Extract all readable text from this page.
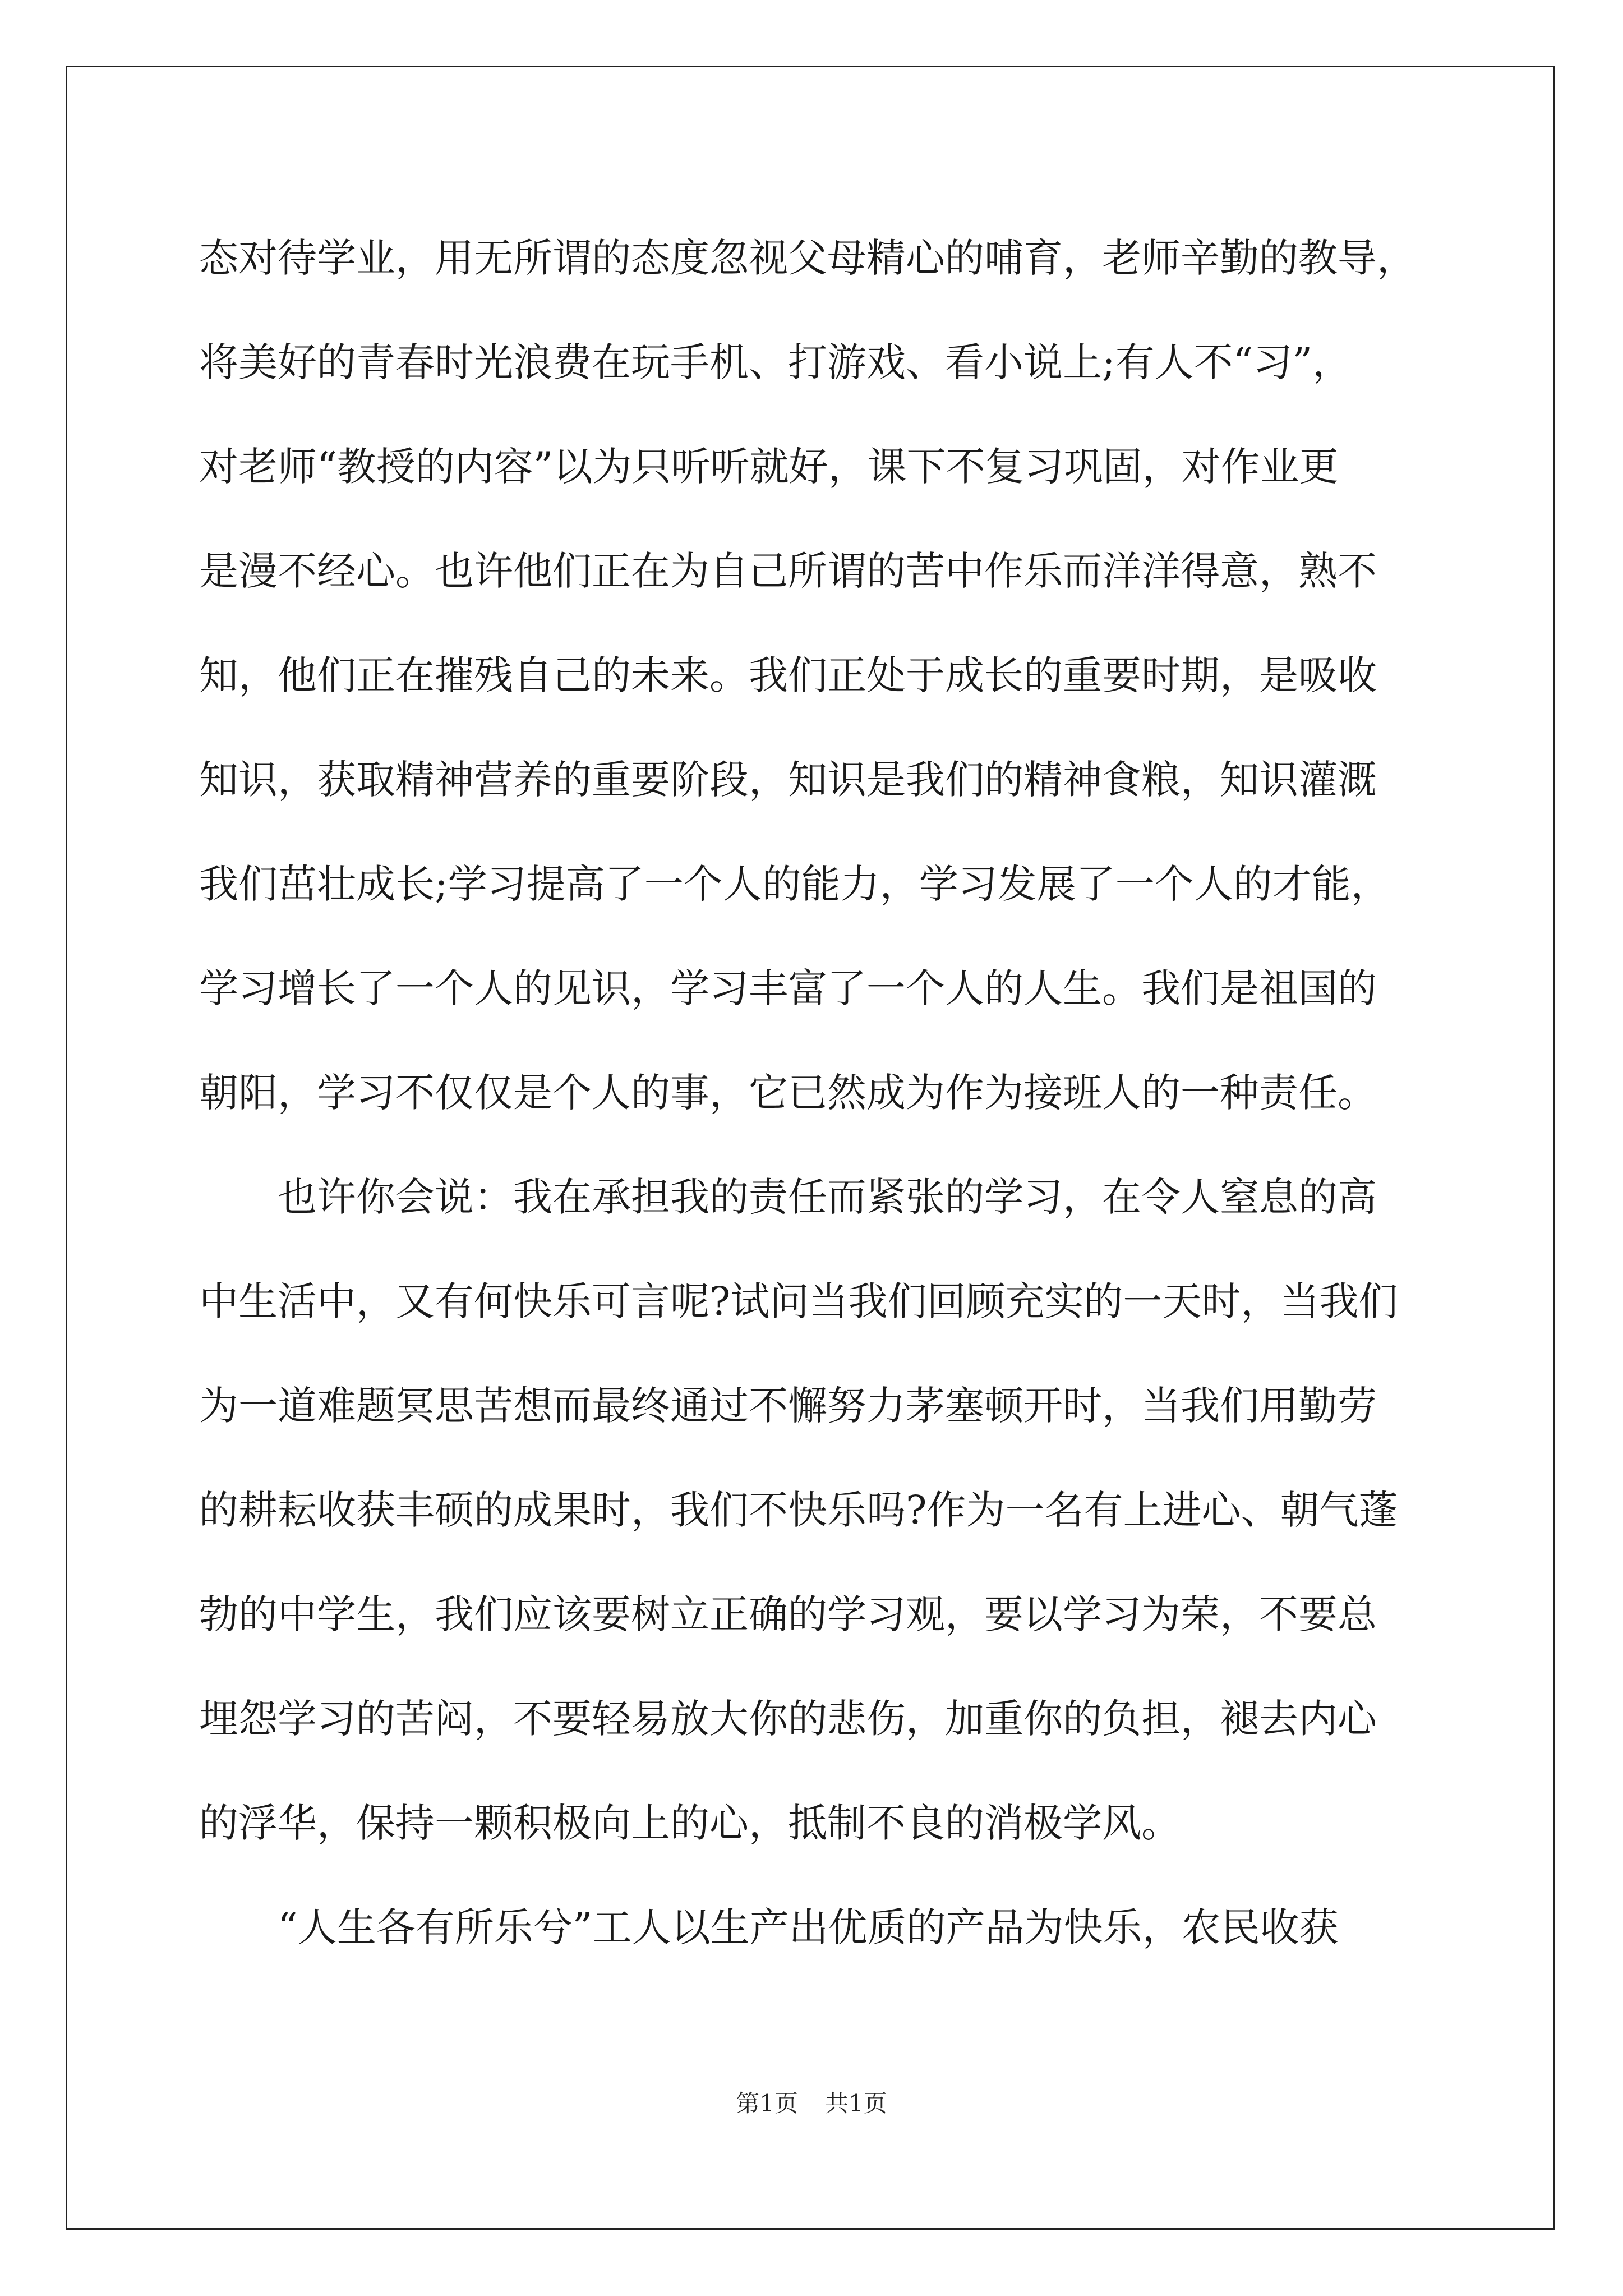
态对待学业，用无所谓的态度忽视父母精心的哺育，老师辛勤的教导，
将美好的青春时光浪费在玩手机、打游戏、看小说上;有人不“习”，
对老师“教授的内容”以为只听听就好，课下不复习巩固，对作业更
是漫不经心。也许他们正在为自己所谓的苦中作乐而洋洋得意，熟不
知，他们正在摧残自己的未来。我们正处于成长的重要时期，是吸收
知识，获取精神营养的重要阶段，知识是我们的精神食粮，知识灌溉
我们茁壮成长;学习提高了一个人的能力，学习发展了一个人的才能，
学习增长了一个人的见识，学习丰富了一个人的人生。我们是祖国的
朝阳，学习不仅仅是个人的事，它已然成为作为接班人的一种责任。
也许你会说：我在承担我的责任而紧张的学习，在令人窒息的高
中生活中，又有何快乐可言呢?试问当我们回顾充实的一天时，当我们
为一道难题冥思苦想而最终通过不懈努力茅塞顿开时，当我们用勤劳
的耕耘收获丰硕的成果时，我们不快乐吗?作为一名有上进心、朝气蓬
勃的中学生，我们应该要树立正确的学习观，要以学习为荣，不要总
埋怨学习的苦闷，不要轻易放大你的悲伤，加重你的负担，褪去内心
的浮华，保持一颗积极向上的心，抵制不良的消极学风。
“人生各有所乐兮”工人以生产出优质的产品为快乐，农民收获
第1页 共1页
